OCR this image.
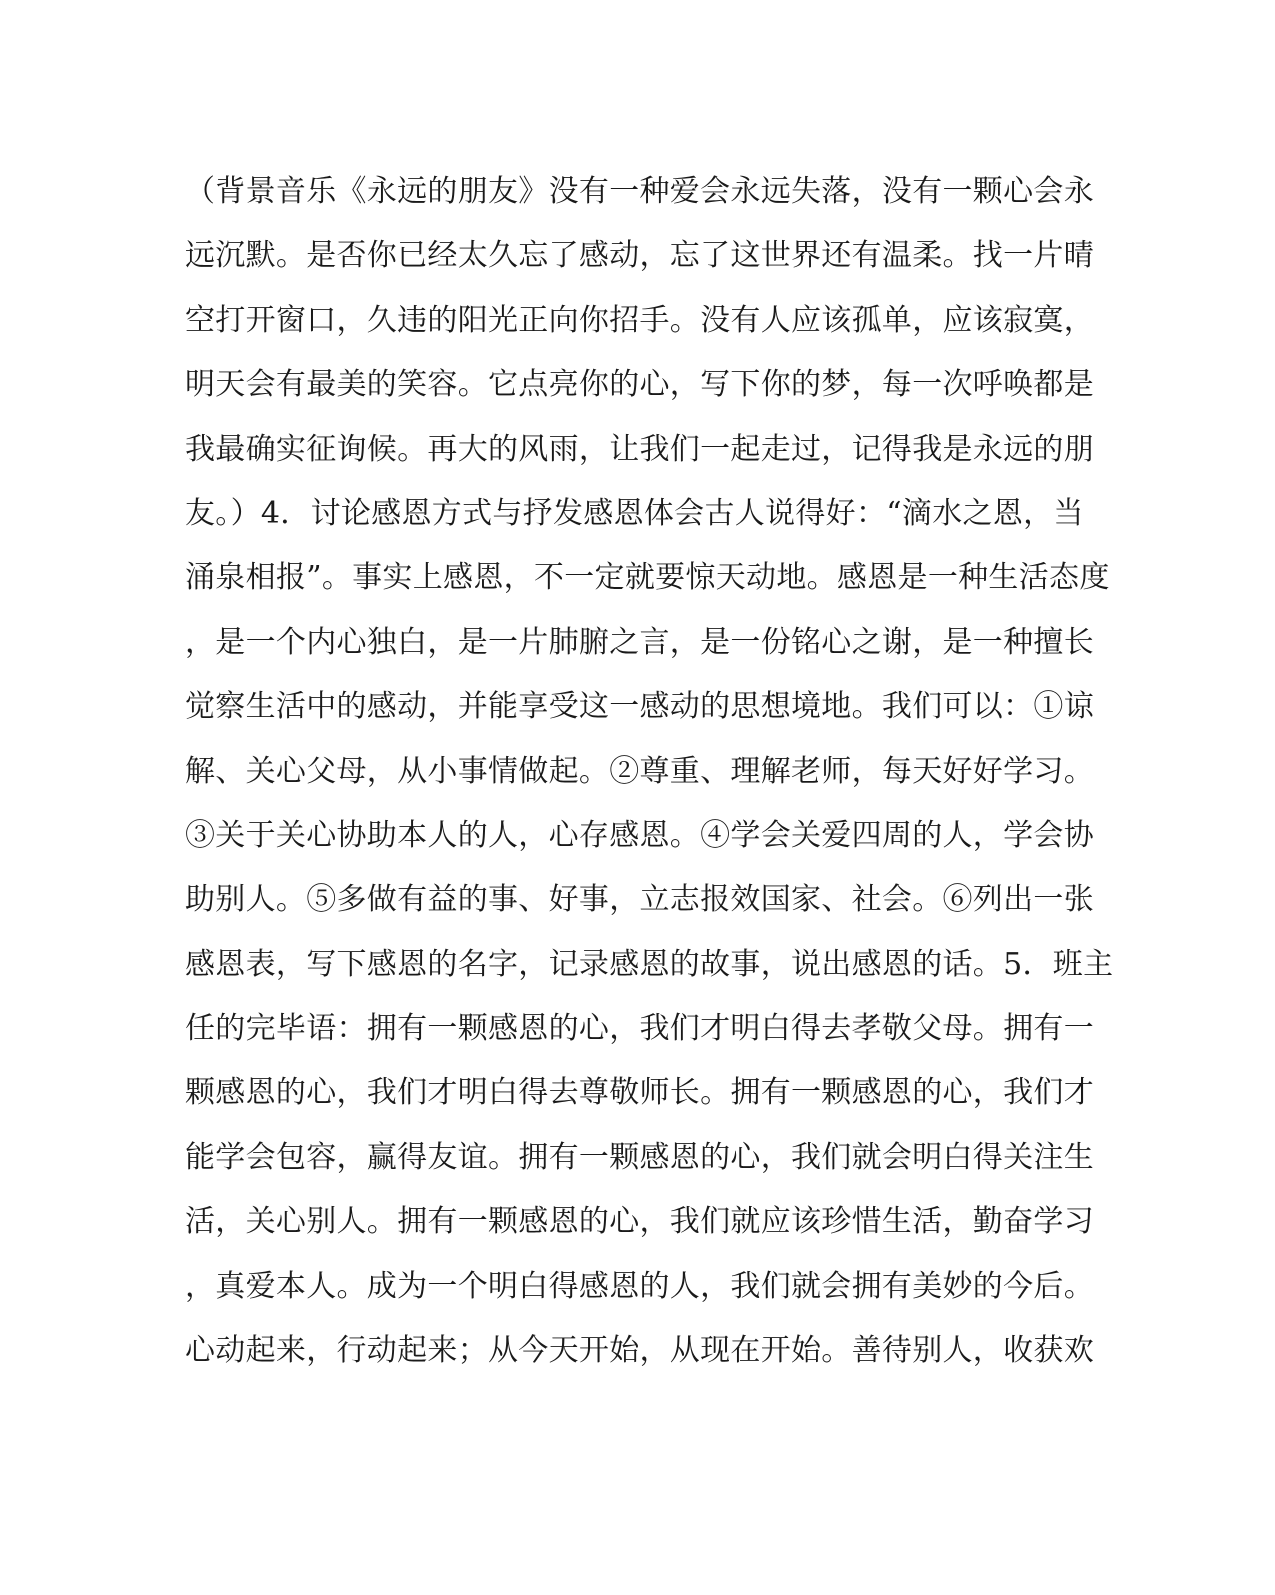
（背景音乐《永远的朋友》没有一种爱会永远失落，没有一颗心会永
远沉默。是否你已经太久忘了感动，忘了这世界还有温柔。找一片晴
空打开窗口，久违的阳光正向你招手。没有人应该孤单，应该寂寞，
明天会有最美的笑容。它点亮你的心，写下你的梦，每一次呼唤都是
我最确实征询候。再大的风雨，让我们一起走过，记得我是永远的朋
友。）4．讨论感恩方式与抒发感恩体会古人说得好：“滴水之恩，当
涌泉相报”。事实上感恩，不一定就要惊天动地。感恩是一种生活态度
，是一个内心独白，是一片肺腑之言，是一份铭心之谢，是一种擅长
觉察生活中的感动，并能享受这一感动的思想境地。我们可以：①谅
解、关心父母，从小事情做起。②尊重、理解老师，每天好好学习。
③关于关心协助本人的人，心存感恩。④学会关爱四周的人，学会协
助别人。⑤多做有益的事、好事，立志报效国家、社会。⑥列出一张
感恩表，写下感恩的名字，记录感恩的故事，说出感恩的话。5．班主
任的完毕语：拥有一颗感恩的心，我们才明白得去孝敬父母。拥有一
颗感恩的心，我们才明白得去尊敬师长。拥有一颗感恩的心，我们才
能学会包容，赢得友谊。拥有一颗感恩的心，我们就会明白得关注生
活，关心别人。拥有一颗感恩的心，我们就应该珍惜生活，勤奋学习
，真爱本人。成为一个明白得感恩的人，我们就会拥有美妙的今后。
心动起来，行动起来；从今天开始，从现在开始。善待别人，收获欢
